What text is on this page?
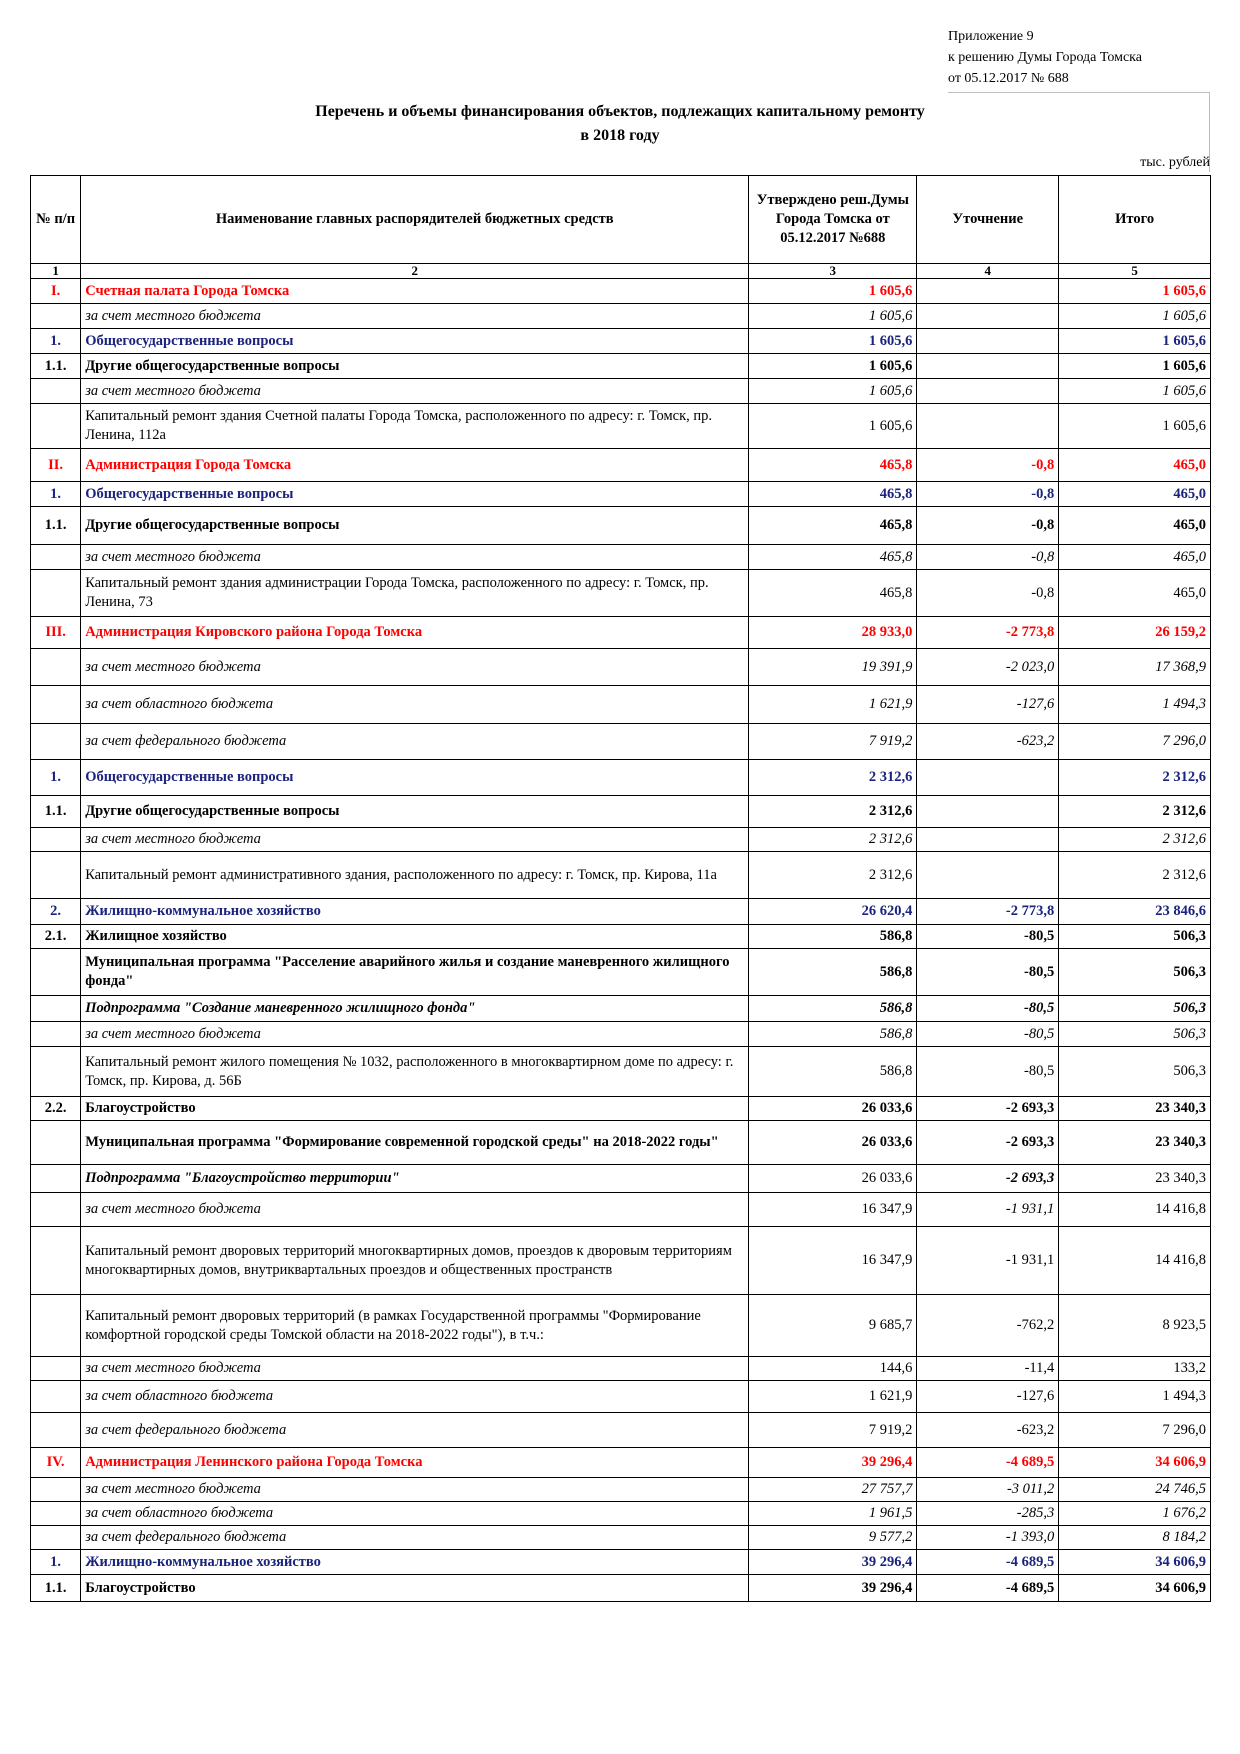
Приложение 9
к решению Думы Города Томска
от 05.12.2017 № 688
Перечень и объемы финансирования объектов, подлежащих капитальному ремонту
в 2018 году
тыс. рублей
№ п/п	Наименование главных распорядителей бюджетных средств	Утверждено реш.Думы Города Томска от 05.12.2017 №688	Уточнение	Итого
1	2	3	4	5
I.	Счетная палата Города Томска	1 605,6		1 605,6
	за счет местного бюджета	1 605,6		1 605,6
1.	Общегосударственные вопросы	1 605,6		1 605,6
1.1.	Другие общегосударственные вопросы	1 605,6		1 605,6
	за счет местного бюджета	1 605,6		1 605,6
	Капитальный ремонт здания Счетной палаты Города Томска, расположенного по адресу: г. Томск, пр. Ленина, 112а	1 605,6		1 605,6
II.	Администрация Города Томска	465,8	-0,8	465,0
1.	Общегосударственные вопросы	465,8	-0,8	465,0
1.1.	Другие общегосударственные вопросы	465,8	-0,8	465,0
	за счет местного бюджета	465,8	-0,8	465,0
	Капитальный ремонт здания администрации Города Томска, расположенного по адресу: г. Томск, пр. Ленина, 73	465,8	-0,8	465,0
III.	Администрация Кировского района Города Томска	28 933,0	-2 773,8	26 159,2
	за счет местного бюджета	19 391,9	-2 023,0	17 368,9
	за счет областного бюджета	1 621,9	-127,6	1 494,3
	за счет федерального бюджета	7 919,2	-623,2	7 296,0
1.	Общегосударственные вопросы	2 312,6		2 312,6
1.1.	Другие общегосударственные вопросы	2 312,6		2 312,6
	за счет местного бюджета	2 312,6		2 312,6
	Капитальный ремонт административного здания, расположенного по адресу: г. Томск, пр. Кирова, 11а	2 312,6		2 312,6
2.	Жилищно-коммунальное хозяйство	26 620,4	-2 773,8	23 846,6
2.1.	Жилищное хозяйство	586,8	-80,5	506,3
	Муниципальная программа "Расселение аварийного жилья и создание маневренного жилищного фонда"	586,8	-80,5	506,3
	Подпрограмма "Создание маневренного жилищного фонда"	586,8	-80,5	506,3
	за счет местного бюджета	586,8	-80,5	506,3
	Капитальный ремонт жилого помещения № 1032, расположенного в многоквартирном доме по адресу: г. Томск, пр. Кирова, д. 56Б	586,8	-80,5	506,3
2.2.	Благоустройство	26 033,6	-2 693,3	23 340,3
	Муниципальная программа "Формирование современной городской среды" на 2018-2022 годы"	26 033,6	-2 693,3	23 340,3
	Подпрограмма "Благоустройство территории"	26 033,6	-2 693,3	23 340,3
	за счет местного бюджета	16 347,9	-1 931,1	14 416,8
	Капитальный ремонт дворовых территорий многоквартирных домов, проездов к дворовым территориям многоквартирных домов, внутриквартальных проездов и общественных пространств	16 347,9	-1 931,1	14 416,8
	Капитальный ремонт дворовых территорий (в рамках Государственной программы "Формирование комфортной городской среды Томской области на 2018-2022 годы"), в т.ч.:	9 685,7	-762,2	8 923,5
	за счет местного бюджета	144,6	-11,4	133,2
	за счет областного бюджета	1 621,9	-127,6	1 494,3
	за счет федерального бюджета	7 919,2	-623,2	7 296,0
IV.	Администрация Ленинского района Города Томска	39 296,4	-4 689,5	34 606,9
	за счет местного бюджета	27 757,7	-3 011,2	24 746,5
	за счет областного бюджета	1 961,5	-285,3	1 676,2
	за счет федерального бюджета	9 577,2	-1 393,0	8 184,2
1.	Жилищно-коммунальное хозяйство	39 296,4	-4 689,5	34 606,9
1.1.	Благоустройство	39 296,4	-4 689,5	34 606,9
